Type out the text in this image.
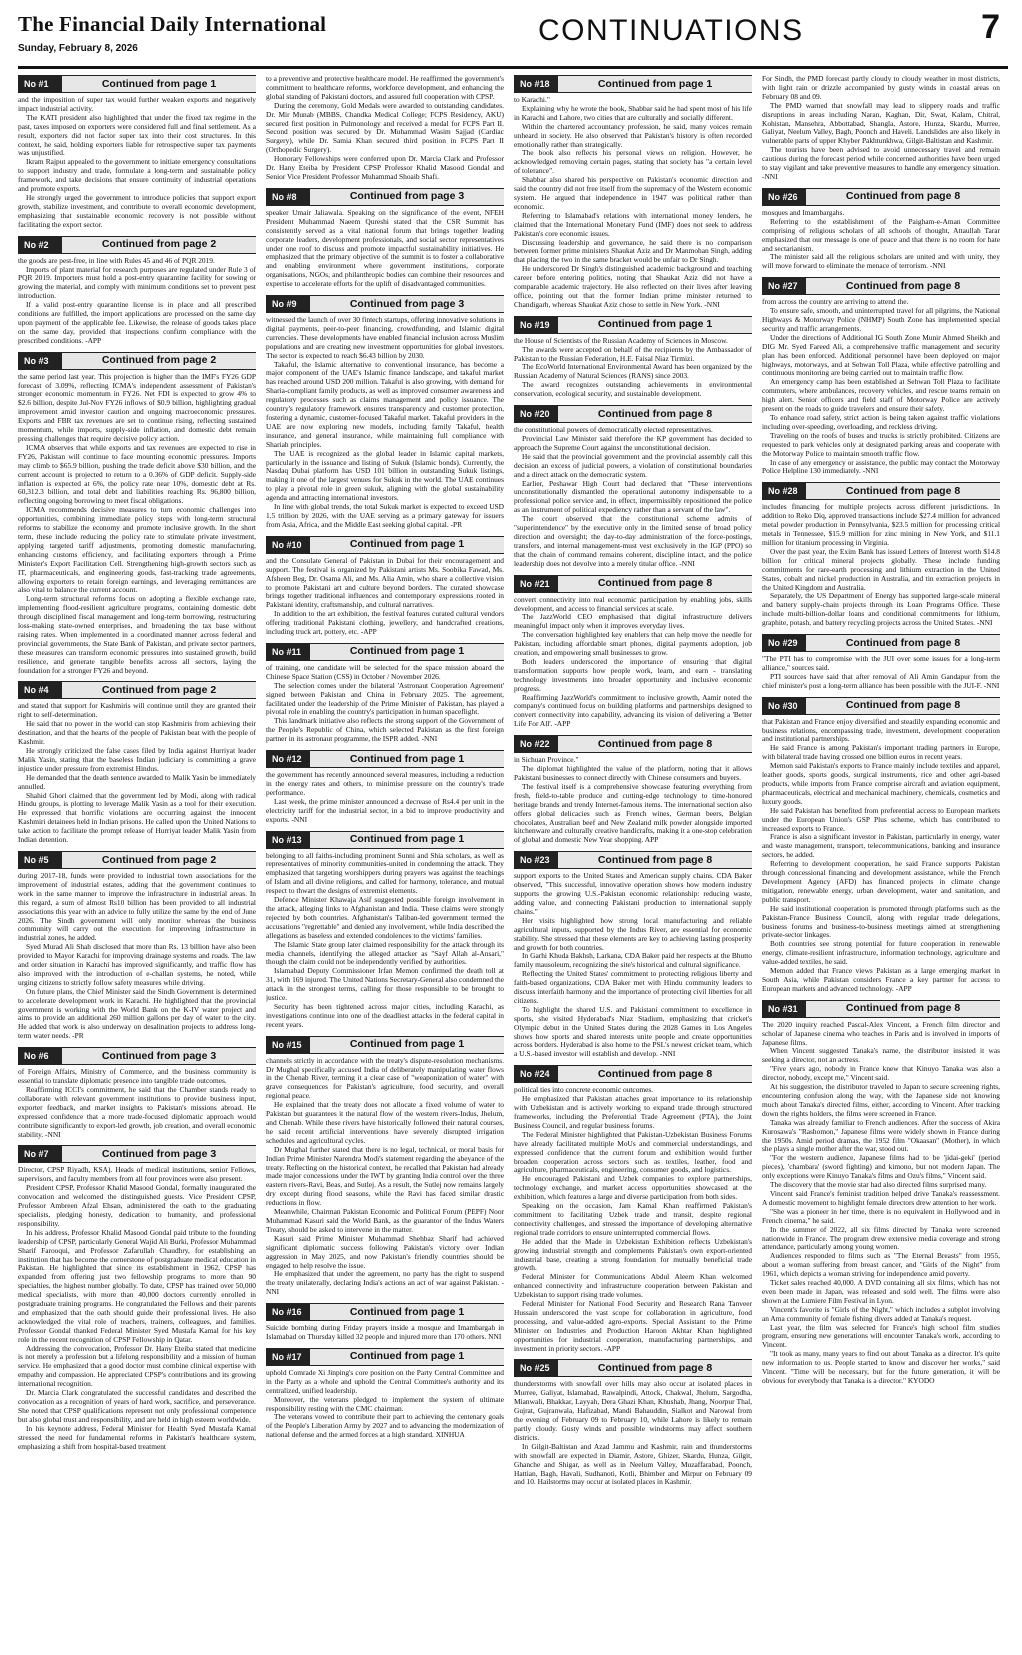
The Financial Daily International
Sunday, February 8, 2026
CONTINUATIONS	7
No #1	Continued from page 1

and the imposition of super tax would further weaken exports and negatively impact industrial activity.

The KATI president also highlighted that under the fixed tax regime in the past, taxes imposed on exporters were considered full and final settlement. As a result, exporters did not factor super tax into their cost structures. In this context, he said, holding exporters liable for retrospective super tax payments was unjustified.

Ikram Rajput appealed to the government to initiate emergency consultations to support industry and trade, formulate a long-term and sustainable policy framework, and take decisions that ensure continuity of industrial operations and promote exports.

He strongly urged the government to introduce policies that support export growth, stabilize investment, and contribute to overall economic development, emphasizing that sustainable economic recovery is not possible without facilitating the export sector.

No #2	Continued from page 2

the goods are pest-free, in line with Rules 45 and 46 of PQR 2019.

Imports of plant material for research purposes are regulated under Rule 3 of PQR 2019. Importers must hold a post-entry quarantine facility for sowing or growing the material, and comply with minimum conditions set to prevent pest introduction.

If a valid post-entry quarantine license is in place and all prescribed conditions are fulfilled, the import applications are processed on the same day upon payment of the applicable fee. Likewise, the release of goods takes place on the same day, provided that inspections confirm compliance with the prescribed conditions. -APP

No #3	Continued from page 2

the same period last year. This projection is higher than the IMF's FY26 GDP forecast of 3.09%, reflecting ICMA's independent assessment of Pakistan's stronger economic momentum in FY26. Net FDI is expected to grow 4% to $2.6 billion, despite Jul-Nov FY26 inflows of $0.9 billion, highlighting gradual improvement amid investor caution and ongoing macroeconomic pressures. Exports and FBR tax revenues are set to continue rising, reflecting sustained momentum, while imports, supply-side inflation, and domestic debt remain pressing challenges that require decisive policy action.

ICMA observes that while exports and tax revenues are expected to rise in FY26, Pakistan will continue to face mounting economic pressures. Imports may climb to $65.9 billion, pushing the trade deficit above $30 billion, and the current account is projected to return to a 0.36% of GDP deficit. Supply-side inflation is expected at 6%, the policy rate near 10%, domestic debt at Rs. 60,312.3 billion, and total debt and liabilities reaching Rs. 96,800 billion, reflecting ongoing borrowing to meet fiscal obligations.

ICMA recommends decisive measures to turn economic challenges into opportunities, combining immediate policy steps with long-term structural reforms to stabilize the economy and promote inclusive growth. In the short term, these include reducing the policy rate to stimulate private investment, applying targeted tariff adjustments, promoting domestic manufacturing, enhancing customs efficiency, and facilitating exporters through a Prime Minister's Export Facilitation Cell. Strengthening high-growth sectors such as IT, pharmaceuticals, and engineering goods, fast-tracking trade agreements, allowing exporters to retain foreign earnings, and leveraging remittances are also vital to balance the current account.

Long-term structural reforms focus on adopting a flexible exchange rate, implementing flood-resilient agriculture programs, containing domestic debt through disciplined fiscal management and long-term borrowing, restructuring loss-making state-owned enterprises, and broadening the tax base without raising rates. When implemented in a coordinated manner across federal and provincial governments, the State Bank of Pakistan, and private sector partners, these measures can transform economic pressures into sustained growth, build resilience, and generate tangible benefits across all sectors, laying the foundation for a stronger FY26 and beyond.

No #4	Continued from page 2

and stated that support for Kashmiris will continue until they are granted their right to self-determination.

He said that no power in the world can stop Kashmiris from achieving their destination, and that the hearts of the people of Pakistan beat with the people of Kashmir.

He strongly criticized the false cases filed by India against Hurriyat leader Malik Yasin, stating that the baseless Indian judiciary is committing a grave injustice under pressure from extremist Hindus.

He demanded that the death sentence awarded to Malik Yasin be immediately annulled.

Shahid Ghori claimed that the government led by Modi, along with radical Hindu groups, is plotting to leverage Malik Yasin as a tool for their execution. He expressed that horrific violations are occurring against the innocent Kashmiri detainees held in Indian prisons. He called upon the United Nations to take action to facilitate the prompt release of Hurriyat leader Malik Yasin from Indian detention.

No #5	Continued from page 2

during 2017-18, funds were provided to industrial town associations for the improvement of industrial estates, adding that the government continues to work in the same manner to improve the infrastructure in industrial areas. In this regard, a sum of almost Rs10 billion has been provided to all industrial associations this year with an advice to fully utilize the same by the end of June 2026. The Sindh government will only monitor whereas the business community will carry out the execution for improving infrastructure in industrial zones, he added.

Syed Murad Ali Shah disclosed that more than Rs. 13 billion have also been provided to Mayor Karachi for improving drainage systems and roads. The law and order situation in Karachi has improved significantly, and traffic flow has also improved with the introduction of e-challan systems, he noted, while urging citizens to strictly follow safety measures while driving.

On future plans, the Chief Minister said the Sindh Government is determined to accelerate development work in Karachi. He highlighted that the provincial government is working with the World Bank on the K-IV water project and aims to provide an additional 260 million gallons per day of water to the city. He added that work is also underway on desalination projects to address long-term water needs. -PR

No #6	Continued from page 3

of Foreign Affairs, Ministry of Commerce, and the business community is essential to translate diplomatic presence into tangible trade outcomes.

Reaffirming ICCI's commitment, he said that the Chamber stands ready to collaborate with relevant government institutions to provide business input, exporter feedback, and market insights to Pakistan's missions abroad. He expressed confidence that a more trade-focused diplomatic approach would contribute significantly to export-led growth, job creation, and overall economic stability. -NNI

No #7	Continued from page 3

Director, CPSP Riyadh, KSA). Heads of medical institutions, senior Fellows, supervisors, and faculty members from all four provinces were also present.

President CPSP, Professor Khalid Masood Gondal, formally inaugurated the convocation and welcomed the distinguished guests. Vice President CPSP, Professor Ambreen Afzal Ehsan, administered the oath to the graduating specialists, pledging honesty, dedication to humanity, and professional responsibility.

In his address, Professor Khalid Masood Gondal paid tribute to the founding leadership of CPSP, particularly General Wajid Ali Burki, Professor Muhammad Sharif Farooqui, and Professor Zafarullah Chaudhry, for establishing an institution that has become the cornerstone of postgraduate medical education in Pakistan. He highlighted that since its establishment in 1962, CPSP has expanded from offering just two fellowship programs to more than 90 specialties, the highest number globally. To date, CPSP has trained over 50,000 medical specialists, with more than 40,000 doctors currently enrolled in postgraduate training programs. He congratulated the Fellows and their parents and emphasized that the oath should guide their professional lives. He also acknowledged the vital role of teachers, trainers, colleagues, and families. Professor Gondal thanked Federal Minister Syed Mustafa Kamal for his key role in the recent recognition of CPSP Fellowship in Qatar.

Addressing the convocation, Professor Dr. Hany Eteiba stated that medicine is not merely a profession but a lifelong responsibility and a mission of human service. He emphasized that a good doctor must combine clinical expertise with empathy and compassion. He appreciated CPSP's contributions and its growing international recognition.

Dr. Marcia Clark congratulated the successful candidates and described the convocation as a recognition of years of hard work, sacrifice, and perseverance. She noted that CPSP qualifications represent not only professional competence but also global trust and responsibility, and are held in high esteem worldwide.

In his keynote address, Federal Minister for Health Syed Mustafa Kamal stressed the need for fundamental reforms in Pakistan's healthcare system, emphasizing a shift from hospital-based treatment

to a preventive and protective healthcare model. He reaffirmed the government's commitment to healthcare reforms, workforce development, and enhancing the global standing of Pakistani doctors, and assured full cooperation with CPSP.

During the ceremony, Gold Medals were awarded to outstanding candidates. Dr. Mir Munab (MBBS, Chandka Medical College; FCPS Residency, AKU) secured first position in Pulmonology and received a medal for FCPS Part II. Second position was secured by Dr. Muhammad Wasim Sajjad (Cardiac Surgery), while Dr. Samia Khan secured third position in FCPS Part II (Orthopedic Surgery).

Honorary Fellowships were conferred upon Dr. Marcia Clark and Professor Dr. Hany Eteiba by President CPSP Professor Khalid Masood Gondal and Senior Vice President Professor Muhammad Shoaib Shafi.

No #8	Continued from page 3

speaker Umair Jaliawala. Speaking on the significance of the event, NFEH President Muhammad Naeem Qureshi stated that the CSR Summit has consistently served as a vital national forum that brings together leading corporate leaders, development professionals, and social sector representatives under one roof to discuss and promote impactful sustainability initiatives. He emphasized that the primary objective of the summit is to foster a collaborative and enabling environment where government institutions, corporate organisations, NGOs, and philanthropic bodies can combine their resources and expertise to accelerate efforts for the uplift of disadvantaged communities.

No #9	Continued from page 3

witnessed the launch of over 30 fintech startups, offering innovative solutions in digital payments, peer-to-peer financing, crowdfunding, and Islamic digital currencies. These developments have enabled financial inclusion across Muslim populations and are creating new investment opportunities for global investors. The sector is expected to reach $6.43 billion by 2030.

Takaful, the Islamic alternative to conventional insurance, has become a major component of the UAE's Islamic finance landscape, and takaful market has reached around USD 200 million. Takaful is also growing, with demand for Sharia-compliant family products, as well as improved consumer awareness and regulatory processes such as claims management and policy issuance. The country's regulatory framework ensures transparency and customer protection, fostering a dynamic, customer-focused Takaful market. Takaful providers in the UAE are now exploring new models, including family Takaful, health insurance, and general insurance, while maintaining full compliance with Shariah principles.

The UAE is recognized as the global leader in Islamic capital markets, particularly in the issuance and listing of Sukuk (Islamic bonds). Currently, the Nasdaq Dubai platform has USD 101 billion in outstanding Sukuk listings, making it one of the largest venues for Sukuk in the world. The UAE continues to play a pivotal role in green sukuk, aligning with the global sustainability agenda and attracting international investors.

In line with global trends, the total Sukuk market is expected to exceed USD 1.5 trillion by 2026, with the UAE serving as a primary gateway for issuers from Asia, Africa, and the Middle East seeking global capital. -PR

No #10	Continued from page 1

and the Consulate General of Pakistan in Dubai for their encouragement and support. The festival is organized by Pakistani artists Ms. Soobika Fawad, Ms. Afsheen Beg, Dr. Osama Ali, and Ms. Alia Amin, who share a collective vision to promote Pakistani art and culture beyond borders. The curated showcase brings together traditional influences and contemporary expressions rooted in Pakistani identity, craftsmanship, and cultural narratives.

In addition to the art exhibition, the festival features curated cultural vendors offering traditional Pakistani clothing, jewellery, and handcrafted creations, including truck art, pottery, etc. -APP

No #11	Continued from page 1

of training, one candidate will be selected for the space mission aboard the Chinese Space Station (CSS) in October / November 2026.

The selection comes under the bilateral 'Astronaut Cooperation Agreement' signed between Pakistan and China in February 2025. The agreement, facilitated under the leadership of the Prime Minister of Pakistan, has played a pivotal role in enabling the country's participation in human spaceflight.

This landmark initiative also reflects the strong support of the Government of the People's Republic of China, which selected Pakistan as the first foreign partner in its astronaut programme, the ISPR added. -NNI

No #12	Continued from page 1

the government has recently announced several measures, including a reduction in the energy rates and others, to minimise pressure on the country's trade performance.

Last week, the prime minister announced a decrease of Rs4.4 per unit in the electricity tariff for the industrial sector, in a bid to improve productivity and exports. -NNI

No #13	Continued from page 1

belonging to all faiths-including prominent Sunni and Shia scholars, as well as representatives of minority communities-united in condemning the attack. They emphasized that targeting worshippers during prayers was against the teachings of Islam and all divine religions, and called for harmony, tolerance, and mutual respect to thwart the designs of extremist elements.

Defence Minister Khawaja Asif suggested possible foreign involvement in the attack, alleging links to Afghanistan and India. These claims were strongly rejected by both countries. Afghanistan's Taliban-led government termed the accusations "regrettable" and denied any involvement, while India described the allegations as baseless and extended condolences to the victims' families.

The Islamic State group later claimed responsibility for the attack through its media channels, identifying the alleged attacker as "Sayf Allah al-Ansari," though the claim could not be independently verified by authorities.

Islamabad Deputy Commissioner Irfan Memon confirmed the death toll at 31, with 169 injured. The United Nations Secretary-General also condemned the attack in the strongest terms, calling for those responsible to be brought to justice.

Security has been tightened across major cities, including Karachi, as investigations continue into one of the deadliest attacks in the federal capital in recent years.

No #15	Continued from page 1

channels strictly in accordance with the treaty's dispute-resolution mechanisms. Dr Mughal specifically accused India of deliberately manipulating water flows in the Chenab River, terming it a clear case of "weaponization of water" with grave consequences for Pakistan's agriculture, food security, and overall regional peace.

He explained that the treaty does not allocate a fixed volume of water to Pakistan but guarantees it the natural flow of the western rivers-Indus, Jhelum, and Chenab. While these rivers have historically followed their natural courses, he said recent artificial interventions have severely disrupted irrigation schedules and agricultural cycles.

Dr Mughal further stated that there is no legal, technical, or moral basis for Indian Prime Minister Narendra Modi's statement regarding the abeyance of the treaty. Reflecting on the historical context, he recalled that Pakistan had already made major concessions under the IWT by granting India control over the three eastern rivers-Ravi, Beas, and Sutlej. As a result, the Sutlej now remains largely dry except during flood seasons, while the Ravi has faced similar drastic reductions in flow.

Meanwhile, Chairman Pakistan Economic and Political Forum (PEPF) Noor Muhammad Kasuri said the World Bank, as the guarantor of the Indus Waters Treaty, should be asked to intervene in the matter.

Kasuri said Prime Minister Muhammad Shehbaz Sharif had achieved significant diplomatic success following Pakistan's victory over Indian aggression in May 2025, and now Pakistan's friendly countries should be engaged to help resolve the issue.

He emphasized that under the agreement, no party has the right to suspend the treaty unilaterally, declaring India's actions an act of war against Pakistan. -NNI

No #16	Continued from page 1

Suicide bombing during Friday prayers inside a mosque and Imambargah in Islamabad on Thursday killed 32 people and injured more than 170 others. NNI

No #17	Continued from page 1

uphold Comrade Xi Jinping's core position on the Party Central Committee and in the Party as a whole and uphold the Central Committee's authority and its centralized, unified leadership.

Moreover, the veterans pledged to implement the system of ultimate responsibility resting with the CMC chairman.

The veterans vowed to contribute their part to achieving the centenary goals of the People's Liberation Army by 2027 and to advancing the modernization of national defense and the armed forces at a high standard. XINHUA

No #18	Continued from page 1

to Karachi."

Explaining why he wrote the book, Shabbar said he had spent most of his life in Karachi and Lahore, two cities that are culturally and socially different.

Within the chartered accountancy profession, he said, many voices remain unheard in society. He also observed that Pakistan's history is often recorded emotionally rather than strategically.

The book also reflects his personal views on religion. However, he acknowledged removing certain pages, stating that society has "a certain level of tolerance".

Shabbar also shared his perspective on Pakistan's economic direction and said the country did not free itself from the supremacy of the Western economic system. He argued that independence in 1947 was political rather than economic.

Referring to Islamabad's relations with international money lenders, he claimed that the International Monetary Fund (IMF) does not seek to address Pakistan's core economic issues.

Discussing leadership and governance, he said there is no comparison between former prime ministers Shaukat Aziz and Dr Manmohan Singh, adding that placing the two in the same bracket would be unfair to Dr Singh.

He underscored Dr Singh's distinguished academic background and teaching career before entering politics, noting that Shaukat Aziz did not have a comparable academic trajectory. He also reflected on their lives after leaving office, pointing out that the former Indian prime minister returned to Chandigarh, whereas Shaukat Aziz chose to settle in New York. -NNI

No #19	Continued from page 1

the House of Scientists of the Russian Academy of Sciences in Moscow.

The awards were accepted on behalf of the recipients by the Ambassador of Pakistan to the Russian Federation, H.E. Faisal Niaz Tirmizi.

The EcoWorld International Environmental Award has been organized by the Russian Academy of Natural Sciences (RANS) since 2003.

The award recognizes outstanding achievements in environmental conservation, ecological security, and sustainable development.

No #20	Continued from page 8

the constitutional powers of democratically elected representatives.

Provincial Law Minister said therefore the KP government has decided to approach the Supreme Court against the unconstitutional decision.

He said that the provincial government and the provincial assembly call this decision an excess of judicial powers, a violation of constitutional boundaries and a direct attack on the democratic system.

Earlier, Peshawar High Court had declared that "These interventions unconstitutionally dismantled the operational autonomy indispensable to a professional police service and, in effect, impermissibly repositioned the police as an instrument of political expediency rather than a servant of the law".

The court observed that the constitutional scheme admits of "superintendence" by the executive only in the limited sense of broad policy direction and oversight; the day-to-day administration of the force-postings, transfers, and internal management-must vest exclusively in the IGP (PPO) so that the chain of command remains coherent, discipline intact, and the police leadership does not devolve into a merely titular office. -NNI

No #21	Continued from page 8

convert connectivity into real economic participation by enabling jobs, skills development, and access to financial services at scale.

The JazzWorld CEO emphasised that digital infrastructure delivers meaningful impact only when it improves everyday lives.

The conversation highlighted key enablers that can help move the needle for Pakistan, including affordable smart phones, digital payments adoption, job creation, and empowering small businesses to grow.

Both leaders underscored the importance of ensuring that digital transformation supports how people work, learn, and earn - translating technology investments into broader opportunity and inclusive economic progress.

Reaffirming JazzWorld's commitment to inclusive growth, Aamir noted the company's continued focus on building platforms and partnerships designed to convert connectivity into capability, advancing its vision of delivering a 'Better Life For All'. -APP

No #22	Continued from page 8

in Sichuan Province."

The diplomat highlighted the value of the platform, noting that it allows Pakistani businesses to connect directly with Chinese consumers and buyers.

The festival itself is a comprehensive showcase featuring everything from fresh, field-to-table produce and cutting-edge technology to time-honored heritage brands and trendy Internet-famous items. The international section also offers global delicacies such as French wines, German beers, Belgian chocolates, Australian beef and New Zealand milk powder alongside imported kitchenware and culturally creative handicrafts, making it a one-stop celebration of global and domestic New Year shopping. APP

No #23	Continued from page 8

support exports to the United States and American supply chains. CDA Baker observed, "This successful, innovative operation shows how modern industry supports the growing U.S.-Pakistan economic relationship: reducing waste, adding value, and connecting Pakistani production to international supply chains."

Her visits highlighted how strong local manufacturing and reliable agricultural inputs, supported by the Indus River, are essential for economic stability. She stressed that these elements are key to achieving lasting prosperity and growth for both countries.

In Garhi Khuda Bakhsh, Larkana, CDA Baker paid her respects at the Bhutto family mausoleum, recognizing the site's historical and cultural significance.

Reflecting the United States' commitment to protecting religious liberty and faith-based organizations, CDA Baker met with Hindu community leaders to discuss interfaith harmony and the importance of protecting civil liberties for all citizens.

To highlight the shared U.S. and Pakistani commitment to excellence in sports, she visited Hyderabad's Niaz Stadium, emphasizing that cricket's Olympic debut in the United States during the 2028 Games in Los Angeles shows how sports and shared interests unite people and create opportunities across borders. Hyderabad is also home to the PSL's newest cricket team, which a U.S.-based investor will establish and develop. -NNI

No #24	Continued from page 8

political ties into concrete economic outcomes.

He emphasized that Pakistan attaches great importance to its relationship with Uzbekistan and is actively working to expand trade through structured frameworks, including the Preferential Trade Agreement (PTA), the Joint Business Council, and regular business forums.

The Federal Minister highlighted that Pakistan-Uzbekistan Business Forums have already facilitated multiple MoUs and commercial understandings, and expressed confidence that the current forum and exhibition would further broaden cooperation across sectors such as textiles, leather, food and agriculture, pharmaceuticals, engineering, consumer goods, and logistics.

He encouraged Pakistani and Uzbek companies to explore partnerships, technology exchange, and market access opportunities showcased at the exhibition, which features a large and diverse participation from both sides.

Speaking on the occasion, Jam Kamal Khan reaffirmed Pakistan's commitment to facilitating Uzbek trade and transit, despite regional connectivity challenges, and stressed the importance of developing alternative regional trade corridors to ensure uninterrupted commercial flows.

He added that the Made in Uzbekistan Exhibition reflects Uzbekistan's growing industrial strength and complements Pakistan's own export-oriented industrial base, creating a strong foundation for mutually beneficial trade growth.

Federal Minister for Communications Abdul Aleem Khan welcomed enhanced connectivity and infrastructure cooperation between Pakistan and Uzbekistan to support rising trade volumes.

Federal Minister for National Food Security and Research Rana Tanveer Hussain underscored the vast scope for collaboration in agriculture, food processing, and value-added agro-exports. Special Assistant to the Prime Minister on Industries and Production Haroon Akhtar Khan highlighted opportunities for industrial cooperation, manufacturing partnerships, and investment in priority sectors. -APP

No #25	Continued from page 8

thunderstorms with snowfall over hills may also occur at isolated places in Murree, Galiyat, Islamabad, Rawalpindi, Attock, Chakwal, Jhelum, Sargodha, Mianwali, Bhakkar, Layyah, Dera Ghazi Khan, Khushab, Jhang, Noorpur Thal, Gujrat, Gujranwala, Hafizabad, Mandi Bahauddin, Sialkot and Narowal from the evening of February 09 to February 10, while Lahore is likely to remain partly cloudy. Gusty winds and possible windstorms may affect southern districts.

In Gilgit-Baltistan and Azad Jammu and Kashmir, rain and thunderstorms with snowfall are expected in Diamir, Astore, Ghizer, Skardu, Hunza, Gilgit, Ghanche and Shigar, as well as in Neelum Valley, Muzaffarabad, Poonch, Hattian, Bagh, Havali, Sudhanoti, Kotli, Bhimber and Mirpur on February 09 and 10. Hailstorms may occur at isolated places in Kashmir.

For Sindh, the PMD forecast partly cloudy to cloudy weather in most districts, with light rain or drizzle accompanied by gusty winds in coastal areas on February 08 and 09.

The PMD warned that snowfall may lead to slippery roads and traffic disruptions in areas including Naran, Kaghan, Dir, Swat, Kalam, Chitral, Kohistan, Mansehra, Abbottabad, Shangla, Astore, Hunza, Skardu, Murree, Galiyat, Neelum Valley, Bagh, Poonch and Haveli. Landslides are also likely in vulnerable parts of upper Khyber Pakhtunkhwa, Gilgit-Baltistan and Kashmir.

The tourists have been advised to avoid unnecessary travel and remain cautious during the forecast period while concerned authorities have been urged to stay vigilant and take preventive measures to handle any emergency situation. -NNI

No #26	Continued from page 8

mosques and Imambargahs.

Referring to the establishment of the Paigham-e-Aman Committee comprising of religious scholars of all schools of thought, Attaullah Tarar emphasized that our message is one of peace and that there is no room for hate and sectarianism.

The minister said all the religious scholars are united and with unity, they will move forward to eliminate the menace of terrorism. -NNI

No #27	Continued from page 8

from across the country are arriving to attend the.

To ensure safe, smooth, and uninterrupted travel for all pilgrims, the National Highways & Motorway Police (NHMP) South Zone has implemented special security and traffic arrangements.

Under the directions of Additional IG South Zone Munir Ahmed Sheikh and DIG Mr. Syed Fareed Ali, a comprehensive traffic management and security plan has been enforced. Additional personnel have been deployed on major highways, motorways, and at Sehwan Toll Plaza, while effective patrolling and continuous monitoring are being carried out to maintain traffic flow.

An emergency camp has been established at Sehwan Toll Plaza to facilitate commuters, where ambulances, recovery vehicles, and rescue teams remain on high alert. Senior officers and field staff of Motorway Police are actively present on the roads to guide travelers and ensure their safety.

To enhance road safety, strict action is being taken against traffic violations including over-speeding, overloading, and reckless driving.

Traveling on the roofs of buses and trucks is strictly prohibited. Citizens are requested to park vehicles only at designated parking areas and cooperate with the Motorway Police to maintain smooth traffic flow.

In case of any emergency or assistance, the public may contact the Motorway Police Helpline 130 immediately. -NNI

No #28	Continued from page 8

includes financing for multiple projects across different jurisdictions. In addition to Reko Diq, approved transactions include $27.4 million for advanced metal powder production in Pennsylvania, $23.5 million for processing critical metals in Tennessee, $15.9 million for zinc mining in New York, and $11.1 million for titanium processing in Virginia.

Over the past year, the Exim Bank has issued Letters of Interest worth $14.8 billion for critical mineral projects globally. These include funding commitments for rare-earth processing and lithium extraction in the United States, cobalt and nickel production in Australia, and tin extraction projects in the United Kingdom and Australia.

Separately, the US Department of Energy has supported large-scale mineral and battery supply-chain projects through its Loan Programs Office. These include multi-billion-dollar loans and conditional commitments for lithium, graphite, potash, and battery recycling projects across the United States. -NNI

No #29	Continued from page 8

"The PTI has to compromise with the JUI over some issues for a long-term alliance," sources said.

PTI sources have said that after removal of Ali Amin Gandapur from the chief minister's post a long-term alliance has been possible with the JUI-F. -NNI

No #30	Continued from page 8

that Pakistan and France enjoy diversified and steadily expanding economic and business relations, encompassing trade, investment, development cooperation and institutional partnerships.

He said France is among Pakistan's important trading partners in Europe, with bilateral trade having crossed one billion euros in recent years.

Memon said Pakistan's exports to France mainly include textiles and apparel, leather goods, sports goods, surgical instruments, rice and other agri-based products, while imports from France comprise aircraft and aviation equipment, pharmaceuticals, electrical and mechanical machinery, chemicals, cosmetics and luxury goods.

He said Pakistan has benefited from preferential access to European markets under the European Union's GSP Plus scheme, which has contributed to increased exports to France.

France is also a significant investor in Pakistan, particularly in energy, water and waste management, transport, telecommunications, banking and insurance sectors, he added.

Referring to development cooperation, he said France supports Pakistan through concessional financing and development assistance, while the French Development Agency (AFD) has financed projects in climate change mitigation, renewable energy, urban development, water and sanitation, and public transport.

He said institutional cooperation is promoted through platforms such as the Pakistan-France Business Council, along with regular trade delegations, business forums and business-to-business meetings aimed at strengthening private-sector linkages.

Both countries see strong potential for future cooperation in renewable energy, climate-resilient infrastructure, information technology, agriculture and value-added textiles, he said.

Memon added that France views Pakistan as a large emerging market in South Asia, while Pakistan considers France a key partner for access to European markets and advanced technology. -APP

No #31	Continued from page 8

The 2020 inquiry reached Pascal-Alex Vincent, a French film director and scholar of Japanese cinema who teaches in Paris and is involved in imports of Japanese films.

When Vincent suggested Tanaka's name, the distributor insisted it was seeking a director, not an actress.

"Five years ago, nobody in France knew that Kinuyo Tanaka was also a director, nobody, except me," Vincent said.

At his suggestion, the distributor traveled to Japan to secure screening rights, encountering confusion along the way, with the Japanese side not knowing much about Tanaka's directed films, either, according to Vincent. After tracking down the rights holders, the films were screened in France.

Tanaka was already familiar to French audiences. After the success of Akira Kurosawa's "Rashomon," Japanese films were widely shown in France during the 1950s. Amid period dramas, the 1952 film "Okaasan" (Mother), in which she plays a single mother after the war, stood out.

"For the western audience, Japanese films had to be 'jidai-geki' (period pieces), 'chambara' (sword fighting) and kimono, but not modern Japan. The only exceptions were Kinuyo Tanaka's films and Ozu's films," Vincent said.

The discovery that the movie star had also directed films surprised many.

Vincent said France's feminist tradition helped drive Tanaka's reassessment. A domestic movement to highlight female directors drew attention to her work.

"She was a pioneer in her time, there is no equivalent in Hollywood and in French cinema," he said.

In the summer of 2022, all six films directed by Tanaka were screened nationwide in France. The program drew extensive media coverage and strong attendance, particularly among young women.

Audiences responded to films such as "The Eternal Breasts" from 1955, about a woman suffering from breast cancer, and "Girls of the Night" from 1961, which depicts a woman striving for independence amid poverty.

Ticket sales reached 40,000. A DVD containing all six films, which has not even been made in Japan, was released and sold well. The films were also shown at the Lumiere Film Festival in Lyon.

Vincent's favorite is "Girls of the Night," which includes a subplot involving an Ama community of female fishing divers added at Tanaka's request.

Last year, the film was selected for France's high school film studies program, ensuring new generations will encounter Tanaka's work, according to Vincent.

"It took as many, many years to find out about Tanaka as a director. It's quite new information to us. People started to know and discover her works," said Vincent. "Time will be necessary, but for the future generation, it will be obvious for everybody that Tanaka is a director." KYODO
